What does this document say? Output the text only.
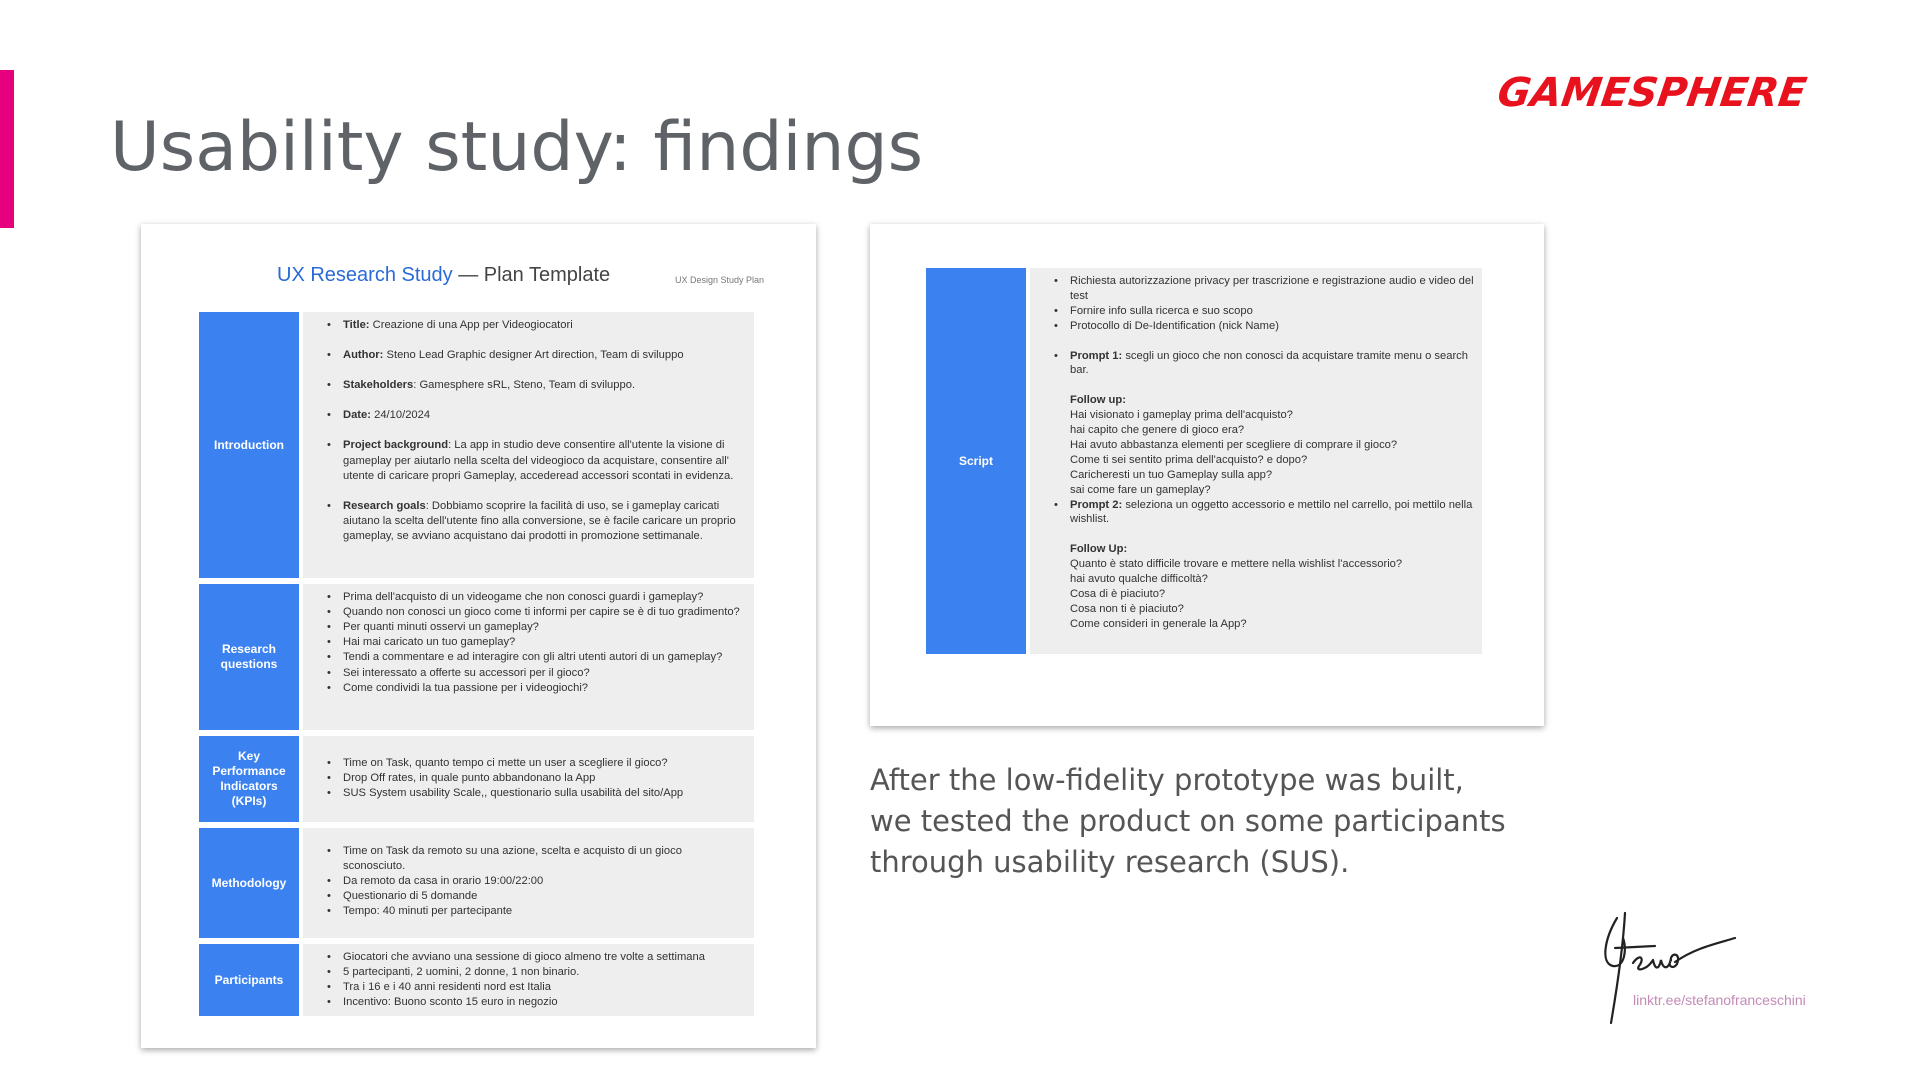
Usability study: findings
GAMESPHERE
UX Research Study — Plan Template	UX Design Study Plan
Introduction
• Title: Creazione di una App per Videogiocatori
• Author: Steno Lead Graphic designer Art direction, Team di sviluppo
• Stakeholders: Gamesphere sRL, Steno, Team di sviluppo.
• Date: 24/10/2024
• Project background: La app in studio deve consentire all'utente la visione di gameplay per aiutarlo nella scelta del videogioco da acquistare, consentire all' utente di caricare propri Gameplay, accederead accessori scontati in evidenza.
• Research goals: Dobbiamo scoprire la facilità di uso, se i gameplay caricati aiutano la scelta dell'utente fino alla conversione, se è facile caricare un proprio gameplay, se avviano acquistano dai prodotti in promozione settimanale.
Research questions
• Prima dell'acquisto di un videogame che non conosci guardi i gameplay?
• Quando non conosci un gioco come ti informi per capire se è di tuo gradimento?
• Per quanti minuti osservi un gameplay?
• Hai mai caricato un tuo gameplay?
• Tendi a commentare e ad interagire con gli altri utenti autori di un gameplay?
• Sei interessato a offerte su accessori per il gioco?
• Come condividi la tua passione per i videogiochi?
Key Performance Indicators (KPIs)
• Time on Task, quanto tempo ci mette un user a scegliere il gioco?
• Drop Off rates, in quale punto abbandonano la App
• SUS System usability Scale,, questionario sulla usabilità del sito/App
Methodology
• Time on Task da remoto su una azione, scelta e acquisto di un gioco sconosciuto.
• Da remoto da casa in orario 19:00/22:00
• Questionario di 5 domande
• Tempo: 40 minuti per partecipante
Participants
• Giocatori che avviano una sessione di gioco almeno tre volte a settimana
• 5 partecipanti, 2 uomini, 2 donne, 1 non binario.
• Tra i 16 e i 40 anni residenti nord est Italia
• Incentivo: Buono sconto 15 euro in negozio
Script
• Richiesta autorizzazione privacy per trascrizione e registrazione audio e video del test
• Fornire info sulla ricerca e suo scopo
• Protocollo di De-Identification (nick Name)
• Prompt 1: scegli un gioco che non conosci da acquistare tramite menu o search bar.
Follow up:
Hai visionato i gameplay prima dell'acquisto?
hai capito che genere di gioco era?
Hai avuto abbastanza elementi per scegliere di comprare il gioco?
Come ti sei sentito prima dell'acquisto? e dopo?
Caricheresti un tuo Gameplay sulla app?
sai come fare un gameplay?
• Prompt 2: seleziona un oggetto accessorio e mettilo nel carrello, poi mettilo nella wishlist.
Follow Up:
Quanto è stato difficile trovare e mettere nella wishlist l'accessorio?
hai avuto qualche difficoltà?
Cosa di è piaciuto?
Cosa non ti è piaciuto?
Come consideri in generale la App?

After the low-fidelity prototype was built, we tested the product on some participants through usability research (SUS).

linktr.ee/stefanofranceschini
